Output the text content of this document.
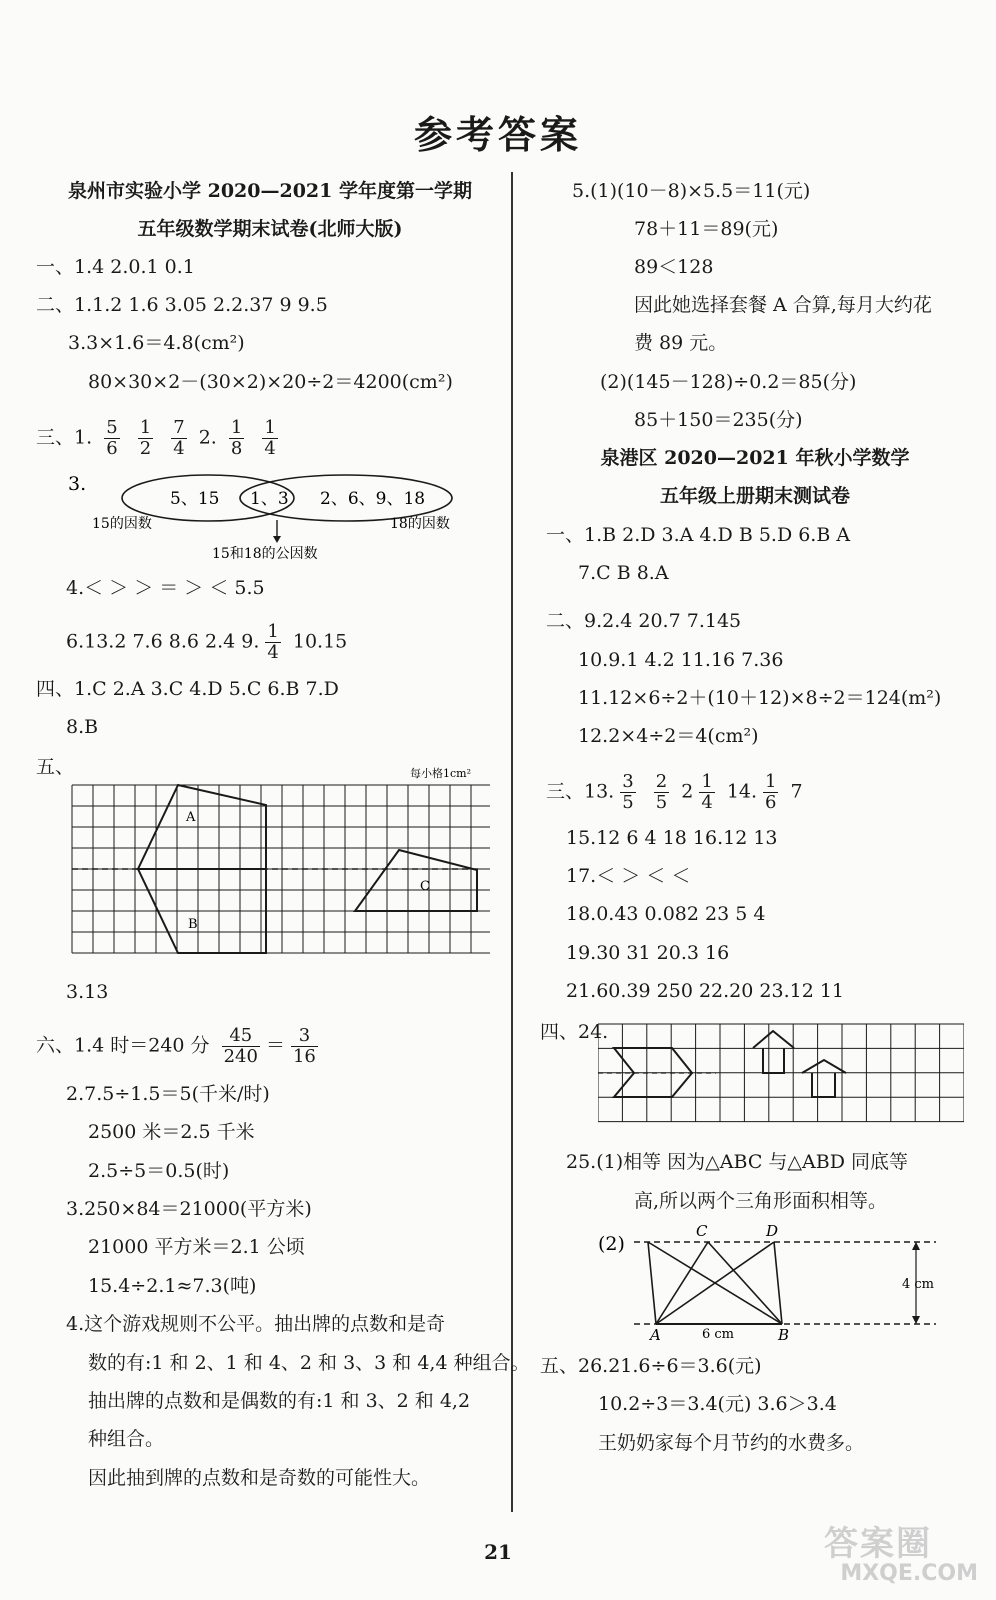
参考答案
泉州市实验小学 2020—2021 学年度第一学期
五年级数学期末试卷(北师大版)
一、1.4 2.0.1 0.1
二、1.1.2 1.6 3.05 2.2.37 9 9.5
3.3×1.6＝4.8(cm²)
80×30×2－(30×2)×20÷2＝4200(cm²)
三、1. $\frac{5}{6}$
$\frac{1}{2}$
$\frac{7}{4} 2$. $\frac{1}{8}$
$\frac{1}{4}$
3.
5、15 1、3 2、6、9、18
15的因数	18的因数
15和18的公因数
4.＜ ＞ ＞ ＝ ＞ ＜ 5.5
6.13.2 7.6 8.6 2.4 9. $\frac{1}{4} 10.15$
四、1.C 2.A 3.C 4.D 5.C 6.B 7.D
8.B
五、	每小格1cm²
A
B
C
3.13
六、1.4 时＝240 分 $\frac{45}{240} = \frac{3}{16}$
2.7.5÷1.5＝5(千米/时)
2500 米＝2.5 千米
2.5÷5＝0.5(时)
3.250×84＝21000(平方米)
21000 平方米＝2.1 公顷
15.4÷2.1≈7.3(吨)
4.这个游戏规则不公平。抽出牌的点数和是奇
数的有:1 和 2、1 和 4、2 和 3、3 和 4,4 种组合。
抽出牌的点数和是偶数的有:1 和 3、2 和 4,2
种组合。
因此抽到牌的点数和是奇数的可能性大。
5.(1)(10－8)×5.5＝11(元)
78＋11＝89(元)
89＜128
因此她选择套餐 A 合算,每月大约花
费 89 元。
(2)(145－128)÷0.2＝85(分)
85＋150＝235(分)
泉港区 2020—2021 年秋小学数学
五年级上册期末测试卷
一、1.B 2.D 3.A 4.D B 5.D 6.B A
7.C B 8.A
二、9.2.4 20.7 7.145
10.9.1 4.2 11.16 7.36
11.12×6÷2＋(10＋12)×8÷2＝124(m²)
12.2×4÷2＝4(cm²)
三、13. $\frac{3}{5}$
$\frac{2}{5} 2 \frac{1}{4} 14$. $\frac{1}{6} 7$
15.12 6 4 18 16.12 13
17.＜ ＞ ＜ ＜
18.0.43 0.082 23 5 4
19.30 31 20.3 16
21.60.39 250 22.20 23.12 11
四、24.
25.(1)相等 因为△ABC 与△ABD 同底等
高,所以两个三角形面积相等。
(2)
C	D
A	B
6 cm
4 cm
五、26.21.6÷6＝3.6(元)
10.2÷3＝3.4(元) 3.6＞3.4
王奶奶家每个月节约的水费多。
21	答案圈
MXQE.COM
